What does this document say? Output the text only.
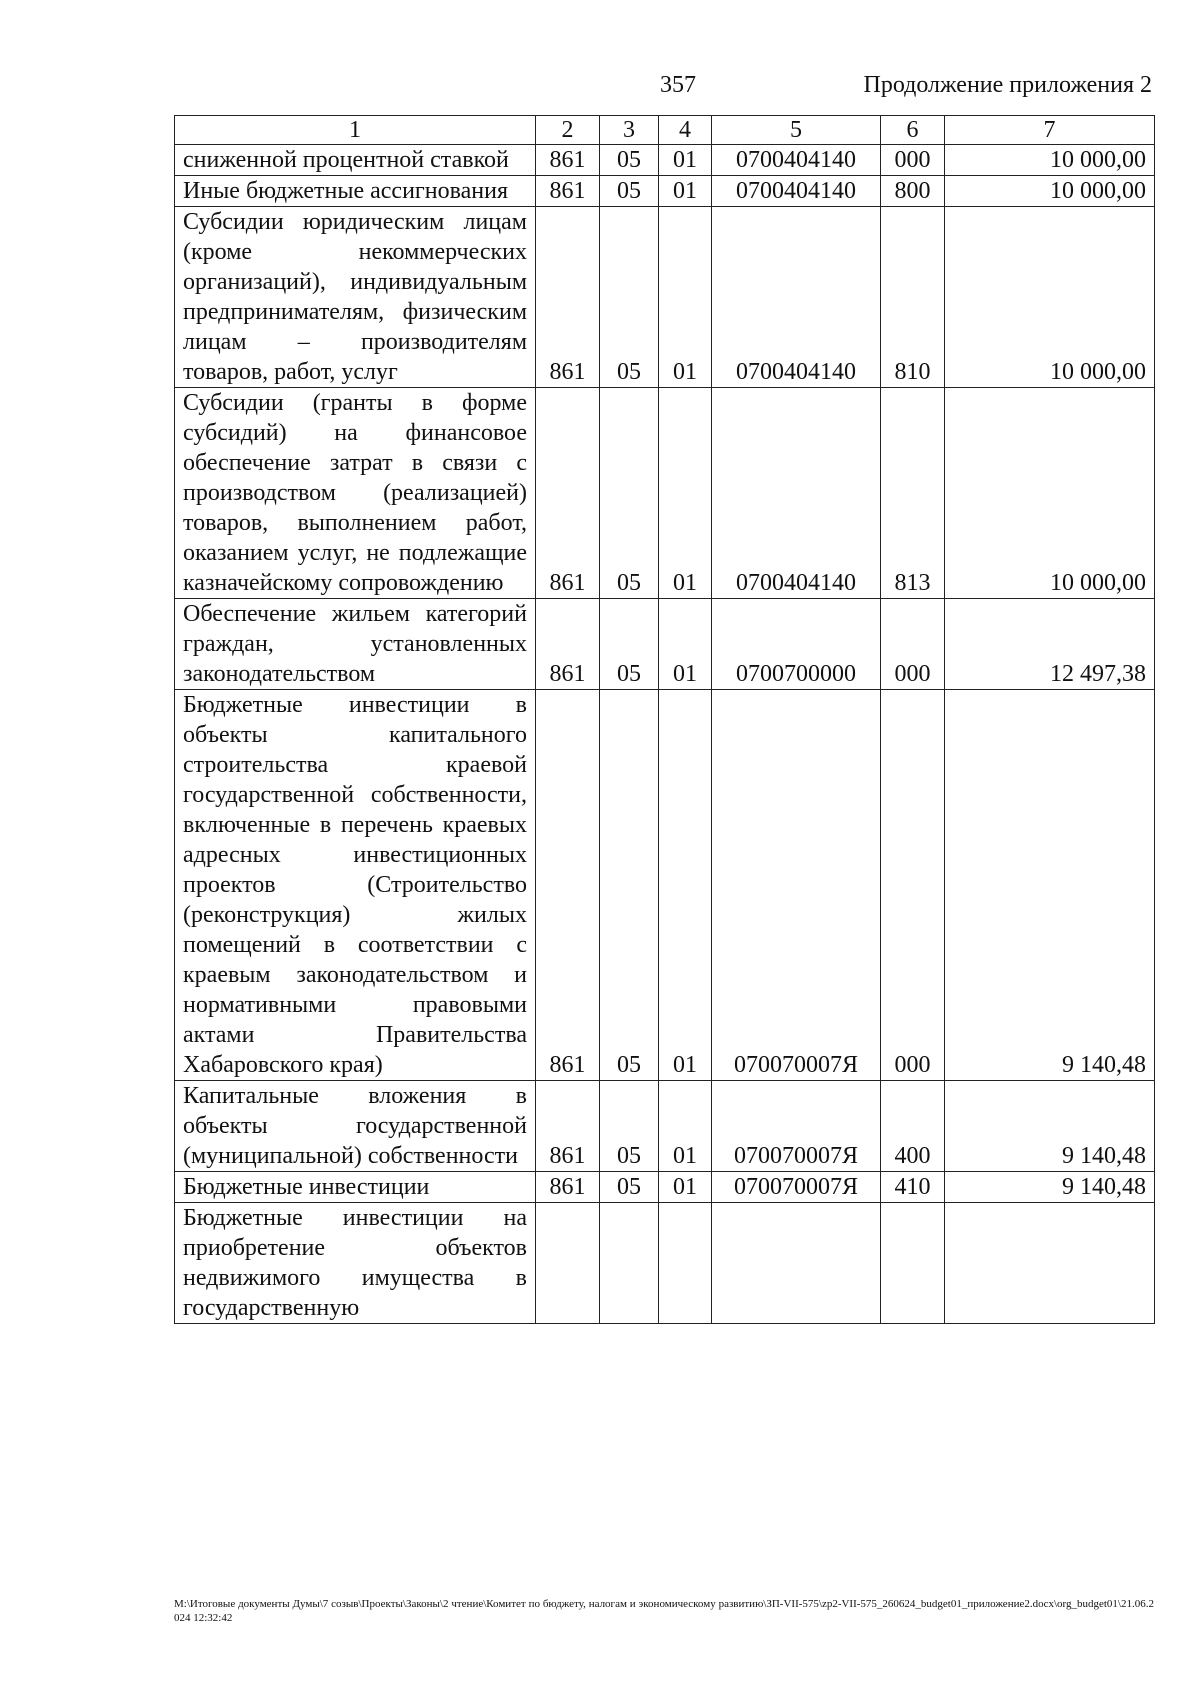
357	Продолжение приложения 2
1	2	3	4	5	6	7
сниженной процентной ставкой	861	05	01	0700404140	000	10 000,00
Иные бюджетные ассигнования	861	05	01	0700404140	800	10 000,00
Субсидии юридическим лицам (кроме некоммерческих организаций), индивидуальным предпринимателям, физическим лицам – производителям товаров, работ, услуг	861	05	01	0700404140	810	10 000,00
Субсидии (гранты в форме субсидий) на финансовое обеспечение затрат в связи с производством (реализацией) товаров, выполнением работ, оказанием услуг, не подлежащие казначейскому сопровождению	861	05	01	0700404140	813	10 000,00
Обеспечение жильем категорий граждан, установленных законодательством	861	05	01	0700700000	000	12 497,38
Бюджетные инвестиции в объекты капитального строительства краевой государственной собственности, включенные в перечень краевых адресных инвестиционных проектов (Строительство (реконструкция) жилых помещений в соответствии с краевым законодательством и нормативными правовыми актами Правительства Хабаровского края)	861	05	01	070070007Я	000	9 140,48
Капитальные вложения в объекты государственной (муниципальной) собственности	861	05	01	070070007Я	400	9 140,48
Бюджетные инвестиции	861	05	01	070070007Я	410	9 140,48
Бюджетные инвестиции на приобретение объектов недвижимого имущества в государственную						
M:\Итоговые документы Думы\7 созыв\Проекты\Законы\2 чтение\Комитет по бюджету, налогам и экономическому развитию\ЗП-VII-575\zp2-VII-575_260624_budget01_приложение2.docx\org_budget01\21.06.2024 12:32:42
